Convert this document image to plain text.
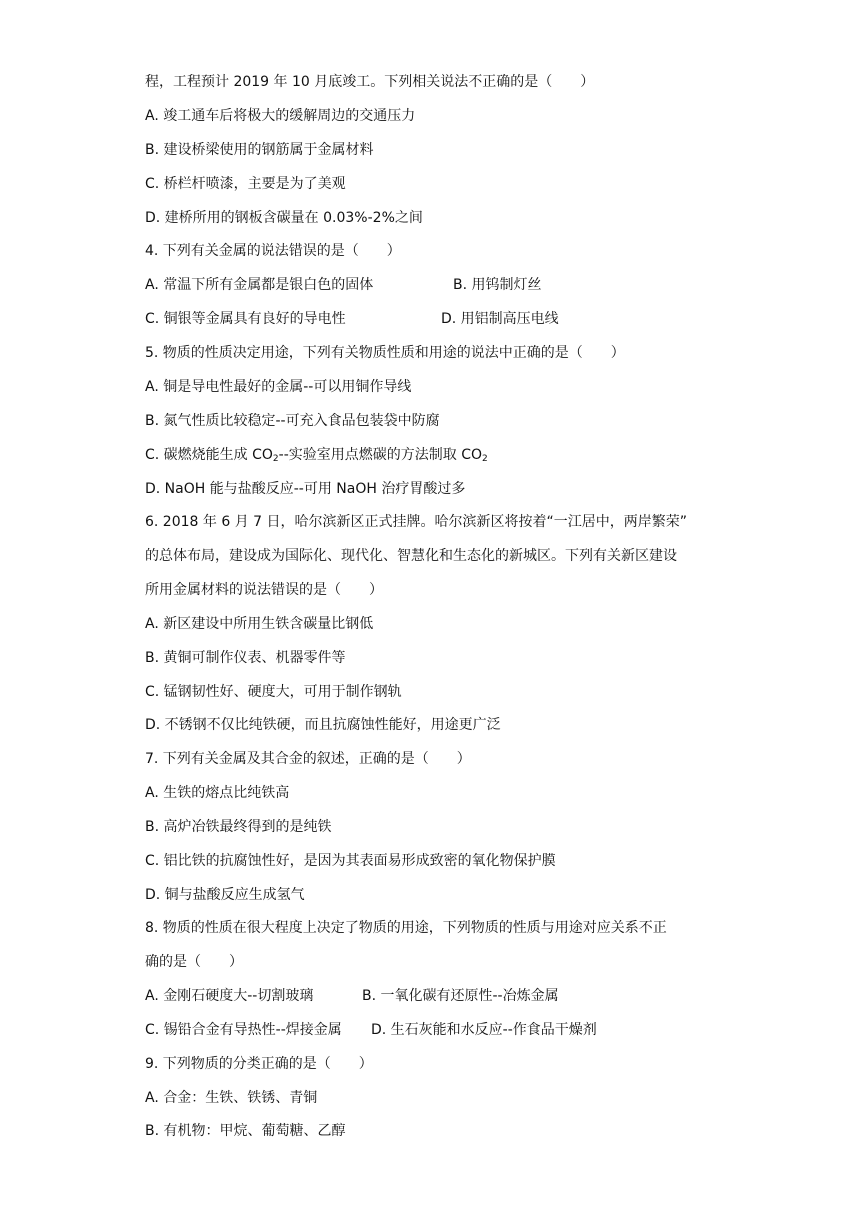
程，工程预计 2019 年 10 月底竣工。下列相关说法不正确的是（　　）
A. 竣工通车后将极大的缓解周边的交通压力
B. 建设桥梁使用的钢筋属于金属材料
C. 桥栏杆喷漆，主要是为了美观
D. 建桥所用的钢板含碳量在 0.03%-2%之间
4. 下列有关金属的说法错误的是（　　）
A. 常温下所有金属都是银白色的固体	B. 用钨制灯丝
C. 铜银等金属具有良好的导电性	D. 用铝制高压电线
5. 物质的性质决定用途，下列有关物质性质和用途的说法中正确的是（　　）
A. 铜是导电性最好的金属--可以用铜作导线
B. 氮气性质比较稳定--可充入食品包装袋中防腐
C. 碳燃烧能生成 $CO_2--$实验室用点燃碳的方法制取 $CO_2$
D. NaOH 能与盐酸反应--可用 NaOH 治疗胃酸过多
6. 2018 年 6 月 7 日，哈尔滨新区正式挂牌。哈尔滨新区将按着“一江居中，两岸繁荣”
的总体布局，建设成为国际化、现代化、智慧化和生态化的新城区。下列有关新区建设
所用金属材料的说法错误的是（　　）
A. 新区建设中所用生铁含碳量比钢低
B. 黄铜可制作仪表、机器零件等
C. 锰钢韧性好、硬度大，可用于制作钢轨
D. 不锈钢不仅比纯铁硬，而且抗腐蚀性能好，用途更广泛
7. 下列有关金属及其合金的叙述，正确的是（　　）
A. 生铁的熔点比纯铁高
B. 高炉冶铁最终得到的是纯铁
C. 铝比铁的抗腐蚀性好，是因为其表面易形成致密的氧化物保护膜
D. 铜与盐酸反应生成氢气
8. 物质的性质在很大程度上决定了物质的用途，下列物质的性质与用途对应关系不正
确的是（　　）
A. 金刚石硬度大--切割玻璃	B. 一氧化碳有还原性--冶炼金属
C. 锡铅合金有导热性--焊接金属 D. 生石灰能和水反应--作食品干燥剂
9. 下列物质的分类正确的是（　　）
A. 合金：生铁、铁锈、青铜
B. 有机物：甲烷、葡萄糖、乙醇
